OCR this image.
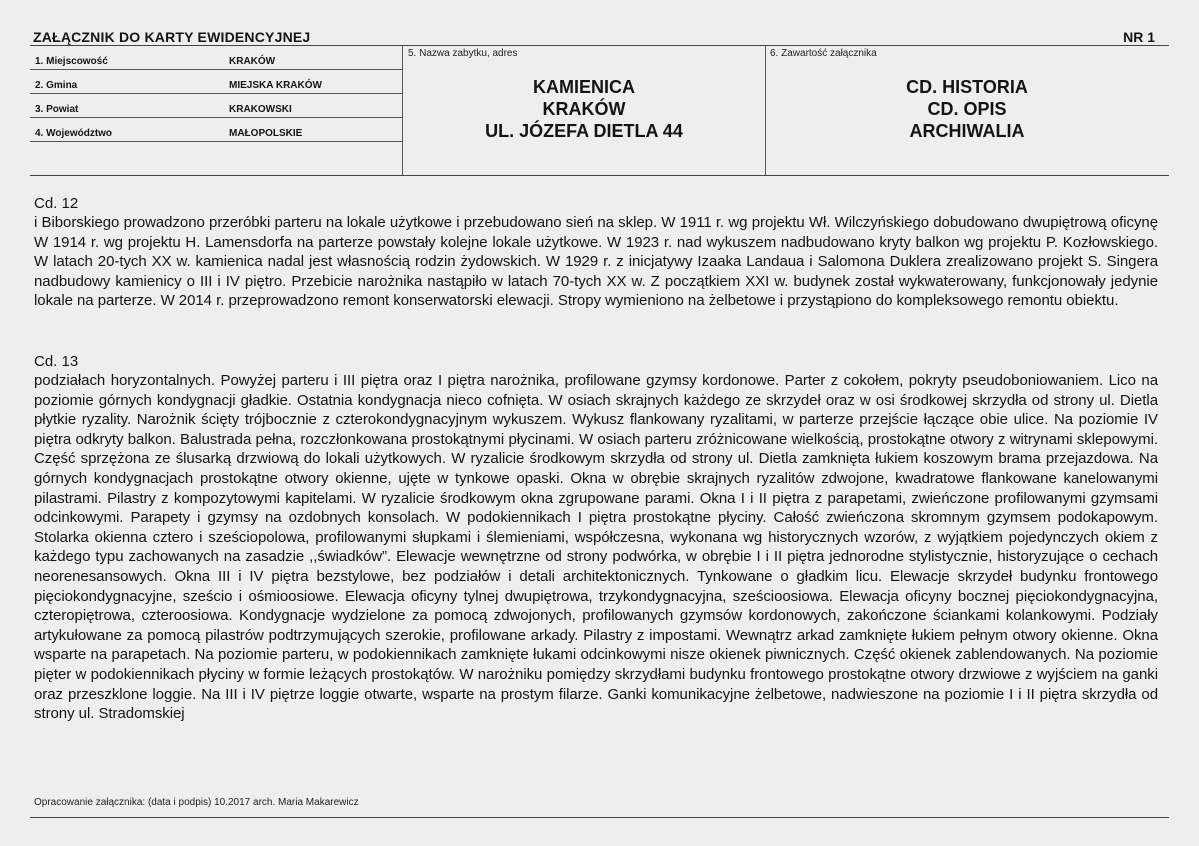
ZAŁĄCZNIK DO KARTY EWIDENCYJNEJ	NR 1
1. Miejscowość	KRAKÓW
2. Gmina	MIEJSKA KRAKÓW
3. Powiat	KRAKOWSKI
4. Województwo	MAŁOPOLSKIE
5. Nazwa zabytku, adres
KAMIENICA
KRAKÓW
UL. JÓZEFA DIETLA 44
6. Zawartość załącznika
CD. HISTORIA
CD. OPIS
ARCHIWALIA

Cd. 12

i Biborskiego prowadzono przeróbki parteru na lokale użytkowe i przebudowano sień na sklep. W 1911 r. wg projektu Wł. Wilczyńskiego dobudowano dwupiętrową oficynę W 1914 r. wg projektu H. Lamensdorfa na parterze powstały kolejne lokale użytkowe. W 1923 r. nad wykuszem nadbudowano kryty balkon wg projektu P. Kozłowskiego. W latach 20-tych XX w. kamienica nadal jest własnością rodzin żydowskich. W 1929 r. z inicjatywy Izaaka Landaua i Salomona Duklera zrealizowano projekt S. Singera nadbudowy kamienicy o III i IV piętro. Przebicie narożnika nastąpiło w latach 70-tych XX w. Z początkiem XXI w. budynek został wykwaterowany, funkcjonowały jedynie lokale na parterze. W 2014 r. przeprowadzono remont konserwatorski elewacji. Stropy wymieniono na żelbetowe i przystąpiono do kompleksowego remontu obiektu.

Cd. 13

podziałach horyzontalnych. Powyżej parteru i III piętra oraz I piętra narożnika, profilowane gzymsy kordonowe. Parter z cokołem, pokryty pseudoboniowaniem. Lico na poziomie górnych kondygnacji gładkie. Ostatnia kondygnacja nieco cofnięta. W osiach skrajnych każdego ze skrzydeł oraz w osi środkowej skrzydła od strony ul. Dietla płytkie ryzality. Narożnik ścięty trójbocznie z czterokondygnacyjnym wykuszem. Wykusz flankowany ryzalitami, w parterze przejście łączące obie ulice. Na poziomie IV piętra odkryty balkon. Balustrada pełna, rozczłonkowana prostokątnymi płycinami. W osiach parteru zróżnicowane wielkością, prostokątne otwory z witrynami sklepowymi. Część sprzężona ze ślusarką drzwiową do lokali użytkowych. W ryzalicie środkowym skrzydła od strony ul. Dietla zamknięta łukiem koszowym brama przejazdowa. Na górnych kondygnacjach prostokątne otwory okienne, ujęte w tynkowe opaski. Okna w obrębie skrajnych ryzalitów zdwojone, kwadratowe flankowane kanelowanymi pilastrami. Pilastry z kompozytowymi kapitelami. W ryzalicie środkowym okna zgrupowane parami. Okna I i II piętra z parapetami, zwieńczone profilowanymi gzymsami odcinkowymi. Parapety i gzymsy na ozdobnych konsolach. W podokiennikach I piętra prostokątne płyciny. Całość zwieńczona skromnym gzymsem podokapowym. Stolarka okienna cztero i sześciopolowa, profilowanymi słupkami i ślemieniami, współczesna, wykonana wg historycznych wzorów, z wyjątkiem pojedynczych okiem z każdego typu zachowanych na zasadzie ,,świadków”. Elewacje wewnętrzne od strony podwórka, w obrębie I i II piętra jednorodne stylistycznie, historyzujące o cechach neorenesansowych. Okna III i IV piętra bezstylowe, bez podziałów i detali architektonicznych. Tynkowane o gładkim licu. Elewacje skrzydeł budynku frontowego pięciokondygnacyjne, sześcio i ośmioosiowe. Elewacja oficyny tylnej dwupiętrowa, trzykondygnacyjna, sześcioosiowa. Elewacja oficyny bocznej pięciokondygnacyjna, czteropiętrowa, czteroosiowa. Kondygnacje wydzielone za pomocą zdwojonych, profilowanych gzymsów kordonowych, zakończone ściankami kolankowymi. Podziały artykułowane za pomocą pilastrów podtrzymujących szerokie, profilowane arkady. Pilastry z impostami. Wewnątrz arkad zamknięte łukiem pełnym otwory okienne. Okna wsparte na parapetach. Na poziomie parteru, w podokiennikach zamknięte łukami odcinkowymi nisze okienek piwnicznych. Część okienek zablendowanych. Na poziomie pięter w podokiennikach płyciny w formie leżących prostokątów. W narożniku pomiędzy skrzydłami budynku frontowego prostokątne otwory drzwiowe z wyjściem na ganki oraz przeszklone loggie. Na III i IV piętrze loggie otwarte, wsparte na prostym filarze. Ganki komunikacyjne żelbetowe, nadwieszone na poziomie I i II piętra skrzydła od strony ul. Stradomskiej

Opracowanie załącznika: (data i podpis) 10.2017 arch. Maria Makarewicz
